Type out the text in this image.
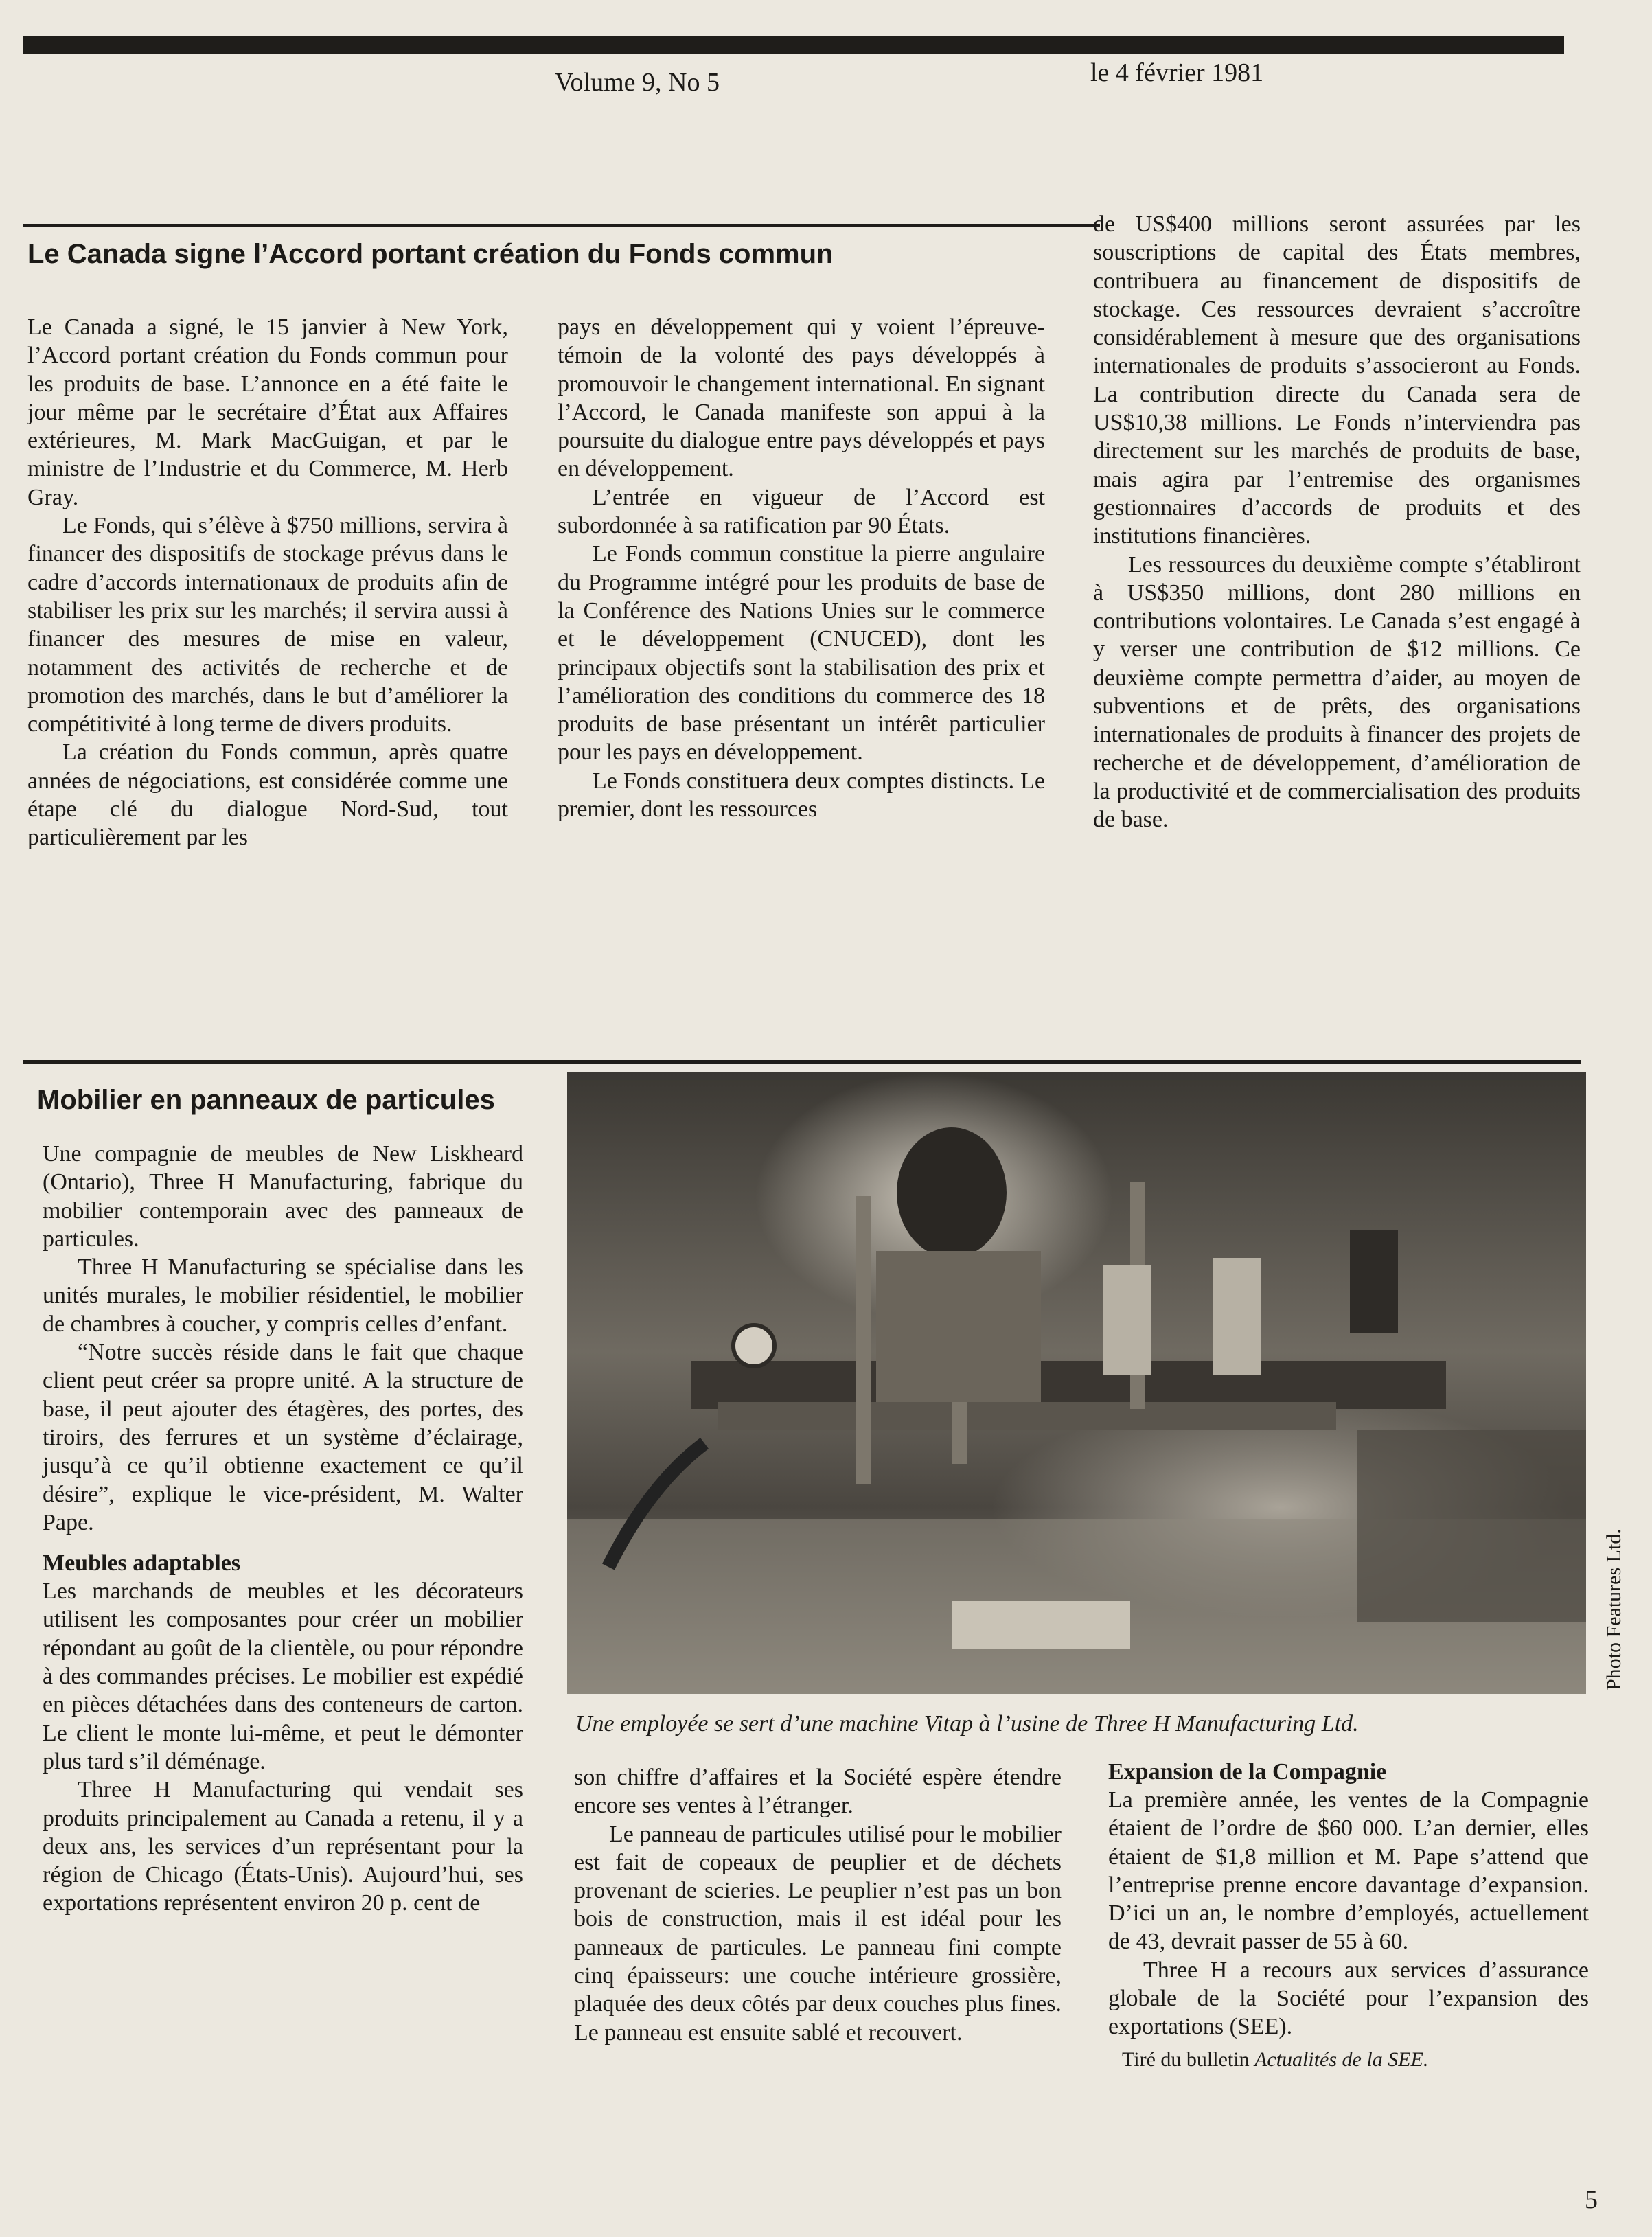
Volume 9, No 5	le 4 février 1981
Le Canada signe l’Accord portant création du Fonds commun

Le Canada a signé, le 15 janvier à New York, l’Accord portant création du Fonds commun pour les produits de base. L’annonce en a été faite le jour même par le secrétaire d’État aux Affaires extérieures, M. Mark MacGuigan, et par le ministre de l’Industrie et du Commerce, M. Herb Gray.

Le Fonds, qui s’élève à $750 millions, servira à financer des dispositifs de stockage prévus dans le cadre d’accords internationaux de produits afin de stabiliser les prix sur les marchés; il servira aussi à financer des mesures de mise en valeur, notamment des activités de recherche et de promotion des marchés, dans le but d’améliorer la compétitivité à long terme de divers produits.

La création du Fonds commun, après quatre années de négociations, est considérée comme une étape clé du dialogue Nord-Sud, tout particulièrement par les

pays en développement qui y voient l’épreuve-témoin de la volonté des pays développés à promouvoir le changement international. En signant l’Accord, le Canada manifeste son appui à la poursuite du dialogue entre pays développés et pays en développement.

L’entrée en vigueur de l’Accord est subordonnée à sa ratification par 90 États.

Le Fonds commun constitue la pierre angulaire du Programme intégré pour les produits de base de la Conférence des Nations Unies sur le commerce et le développement (CNUCED), dont les principaux objectifs sont la stabilisation des prix et l’amélioration des conditions du commerce des 18 produits de base présentant un intérêt particulier pour les pays en développement.

Le Fonds constituera deux comptes distincts. Le premier, dont les ressources

de US$400 millions seront assurées par les souscriptions de capital des États membres, contribuera au financement de dispositifs de stockage. Ces ressources devraient s’accroître considérablement à mesure que des organisations internationales de produits s’associeront au Fonds. La contribution directe du Canada sera de US$10,38 millions. Le Fonds n’interviendra pas directement sur les marchés de produits de base, mais agira par l’entremise des organismes gestionnaires d’accords de produits et des institutions financières.

Les ressources du deuxième compte s’établiront à US$350 millions, dont 280 millions en contributions volontaires. Le Canada s’est engagé à y verser une contribution de $12 millions. Ce deuxième compte permettra d’aider, au moyen de subventions et de prêts, des organisations internationales de produits à financer des projets de recherche et de développement, d’amélioration de la productivité et de commercialisation des produits de base.

Mobilier en panneaux de particules

Une compagnie de meubles de New Liskheard (Ontario), Three H Manufacturing, fabrique du mobilier contemporain avec des panneaux de particules.

Three H Manufacturing se spécialise dans les unités murales, le mobilier résidentiel, le mobilier de chambres à coucher, y compris celles d’enfant.

“Notre succès réside dans le fait que chaque client peut créer sa propre unité. A la structure de base, il peut ajouter des étagères, des portes, des tiroirs, des ferrures et un système d’éclairage, jusqu’à ce qu’il obtienne exactement ce qu’il désire”, explique le vice-président, M. Walter Pape.

Meubles adaptables

Les marchands de meubles et les décorateurs utilisent les composantes pour créer un mobilier répondant au goût de la clientèle, ou pour répondre à des commandes précises. Le mobilier est expédié en pièces détachées dans des conteneurs de carton. Le client le monte lui-même, et peut le démonter plus tard s’il déménage.

Three H Manufacturing qui vendait ses produits principalement au Canada a retenu, il y a deux ans, les services d’un représentant pour la région de Chicago (États-Unis). Aujourd’hui, ses exportations représentent environ 20 p. cent de

Photo Features Ltd.
Une employée se sert d’une machine Vitap à l’usine de Three H Manufacturing Ltd.

son chiffre d’affaires et la Société espère étendre encore ses ventes à l’étranger.

Le panneau de particules utilisé pour le mobilier est fait de copeaux de peuplier et de déchets provenant de scieries. Le peuplier n’est pas un bon bois de construction, mais il est idéal pour les panneaux de particules. Le panneau fini compte cinq épaisseurs: une couche intérieure grossière, plaquée des deux côtés par deux couches plus fines. Le panneau est ensuite sablé et recouvert.

Expansion de la Compagnie

La première année, les ventes de la Compagnie étaient de l’ordre de $60 000. L’an dernier, elles étaient de $1,8 million et M. Pape s’attend que l’entreprise prenne encore davantage d’expansion. D’ici un an, le nombre d’employés, actuellement de 43, devrait passer de 55 à 60.

Three H a recours aux services d’assurance globale de la Société pour l’expansion des exportations (SEE).

Tiré du bulletin Actualités de la SEE.
5
